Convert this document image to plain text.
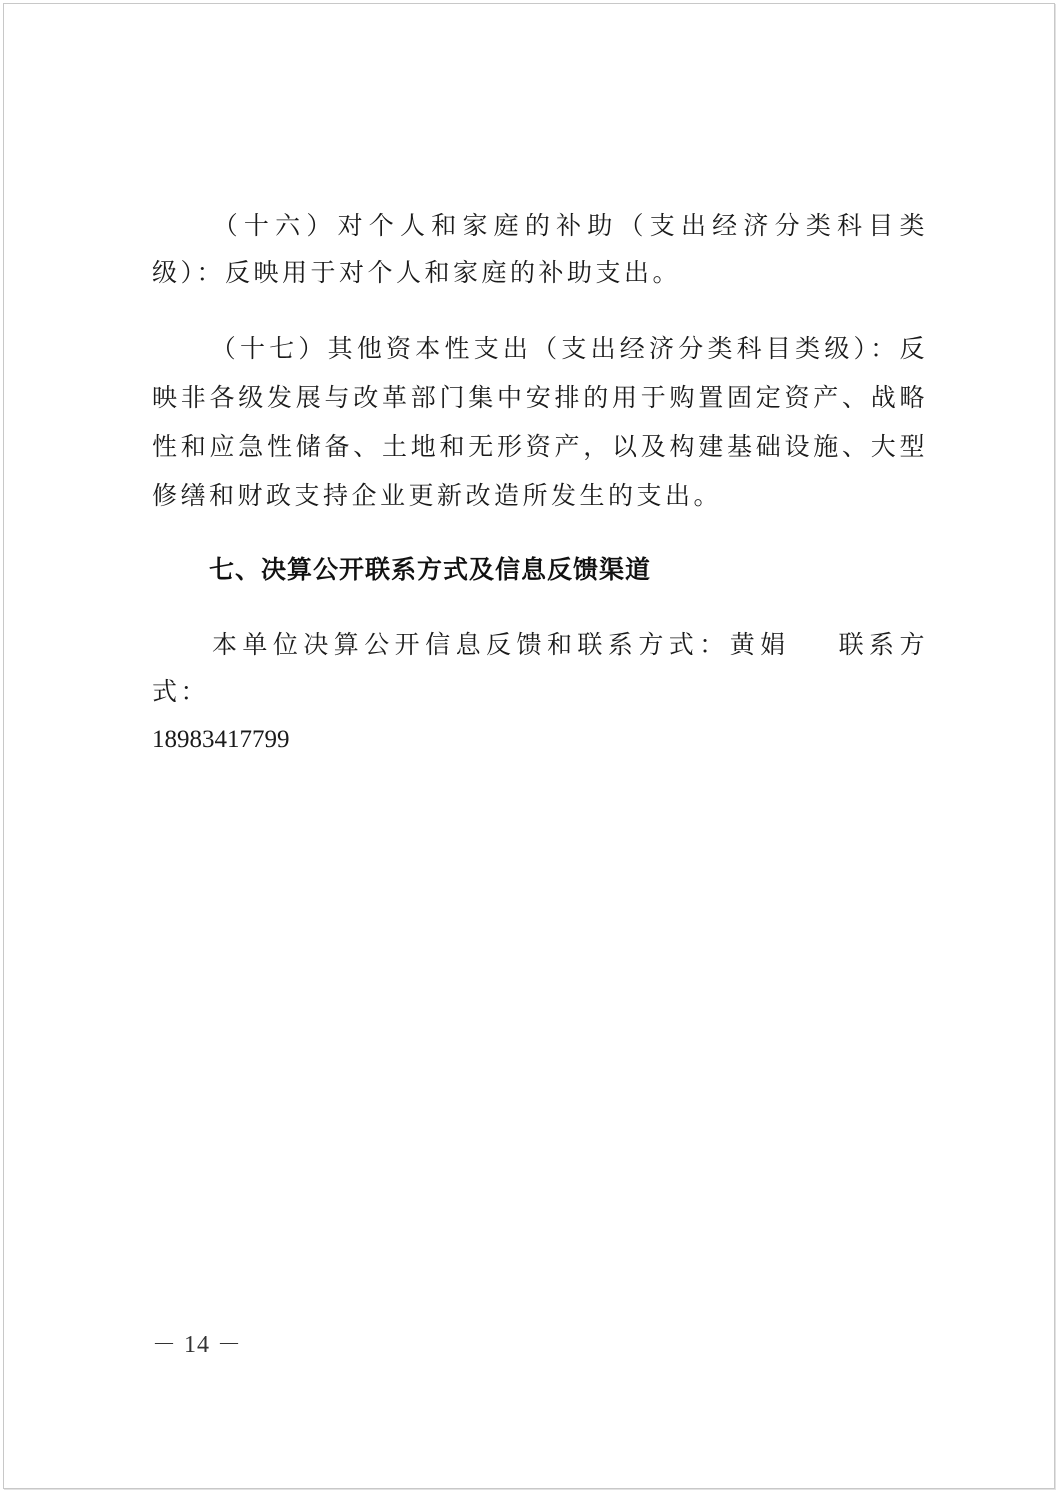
（十六）对个人和家庭的补助（支出经济分类科目类级）：反映用于对个人和家庭的补助支出。

（十七）其他资本性支出（支出经济分类科目类级）：反映非各级发展与改革部门集中安排的用于购置固定资产、战略性和应急性储备、土地和无形资产，以及构建基础设施、大型修缮和财政支持企业更新改造所发生的支出。

七、决算公开联系方式及信息反馈渠道

本单位决算公开信息反馈和联系方式：黄娟 联系方式：
18983417799

－ 14 －
